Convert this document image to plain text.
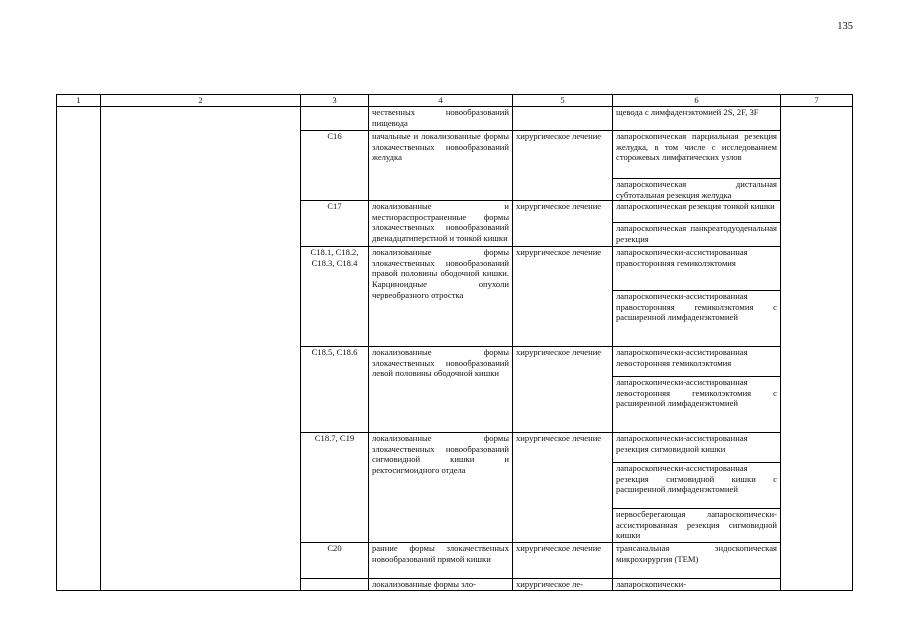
135
1	2	3	4	5	6	7
			чественных новообразований пищевода		щеводa с лимфаденэктомией 2S, 2F, 3F	
		C16	начальные и локализованные формы злокачественных новообразований желудка	хирургическое лечение	лапароскопическая парциальная резекция желудка, в том числе с исследованием сторожевых лимфатических узлов	
					лапароскопическая дистальная субтотальная резекция желудка	
		C17	локализованные и местнораспространенные формы злокачественных новообразований двенадцатиперстной и тонкой кишки	хирургическое лечение	лапароскопическая резекция тонкой кишки	
					лапароскопическая панкреатодуоденальная резекция	
		C18.1, C18.2, C18.3, C18.4	локализованные формы злокачественных новообразований правой половины ободочной кишки. Карциноидные опухоли червеобразного отростка	хирургическое лечение	лапароскопически-ассистированная правосторонняя гемиколэктомия	
					лапароскопически-ассистированная правосторонняя гемиколэктомия с расширенной лимфаденэктомией	
		C18.5, C18.6	локализованные формы злокачественных новообразований левой половины ободочной кишки	хирургическое лечение	лапароскопически-ассистированная левосторонняя гемиколэктомия	
					лапароскопически-ассистированная левосторонняя гемиколэктомия с расширенной лимфаденэктомией	
		C18.7, C19	локализованные формы злокачественных новообразований сигмовидной кишки и ректосигмоидного отдела	хирургическое лечение	лапароскопически-ассистированная резекция сигмовидной кишки	
					лапароскопически-ассистированная резекция сигмовидной кишки с расширенной лимфаденэктомией	
					нервосберегающая лапароскопически-ассистированная резекция сигмовидной кишки	
		C20	ранние формы злокачественных новообразований прямой кишки	хирургическое лечение	трансанальная эндоскопическая микрохирургия (ТЕМ)	
			локализованные формы зло-	хирургическое ле-	лапароскопически-	
